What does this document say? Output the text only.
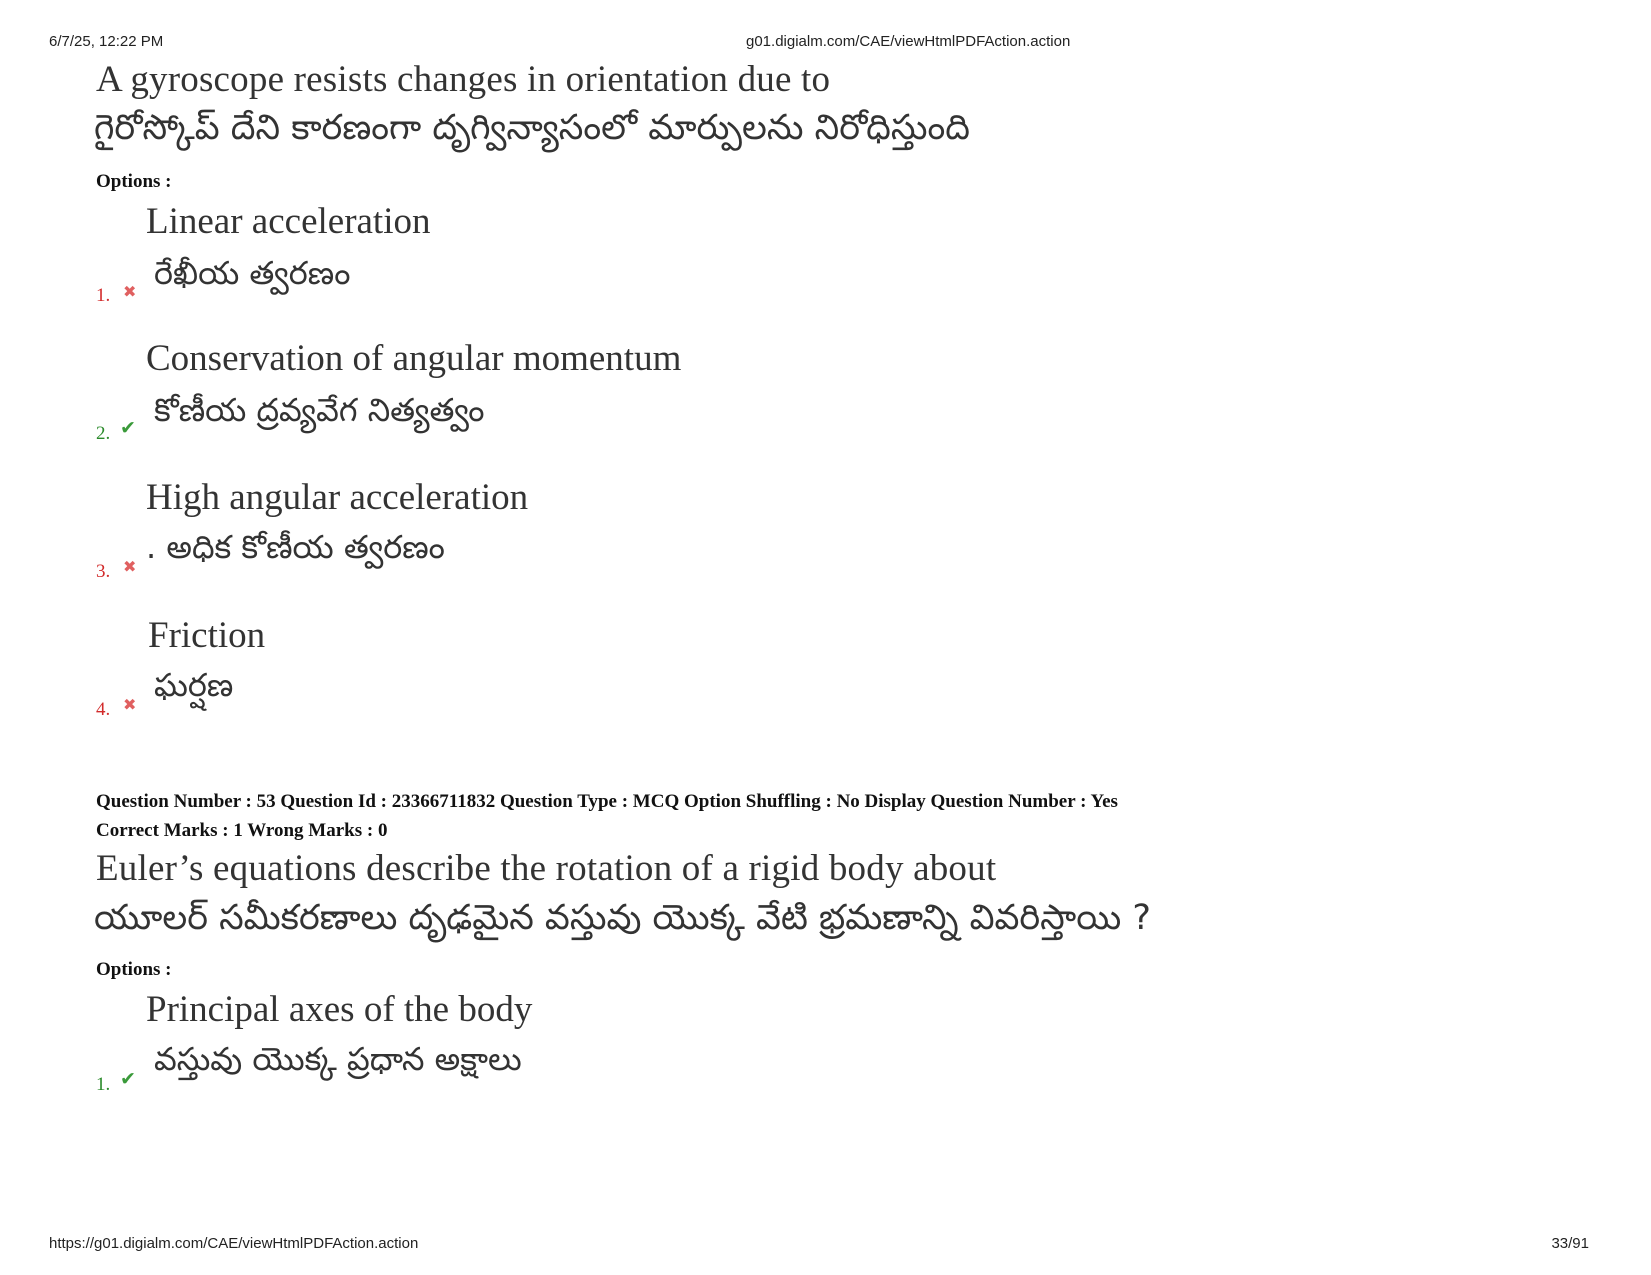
6/7/25, 12:22 PM	g01.digialm.com/CAE/viewHtmlPDFAction.action
A gyroscope resists changes in orientation due to
గైరోస్కోప్ దేని కారణంగా దృగ్విన్యాసంలో మార్పులను నిరోధిస్తుంది
Options :
Linear acceleration
రేఖీయ త్వరణం
1. ✖
Conservation of angular momentum
కోణీయ ద్రవ్యవేగ నిత్యత్వం
2. ✔
High angular acceleration
. అధిక కోణీయ త్వరణం
3. ✖
Friction
ఘర్షణ
4. ✖
Question Number : 53 Question Id : 23366711832 Question Type : MCQ Option Shuffling : No Display Question Number : Yes
Correct Marks : 1 Wrong Marks : 0
Euler’s equations describe the rotation of a rigid body about
యూలర్ సమీకరణాలు దృఢమైన వస్తువు యొక్క వేటి భ్రమణాన్ని వివరిస్తాయి ?
Options :
Principal axes of the body
వస్తువు యొక్క ప్రధాన అక్షాలు
1. ✔
https://g01.digialm.com/CAE/viewHtmlPDFAction.action	33/91
